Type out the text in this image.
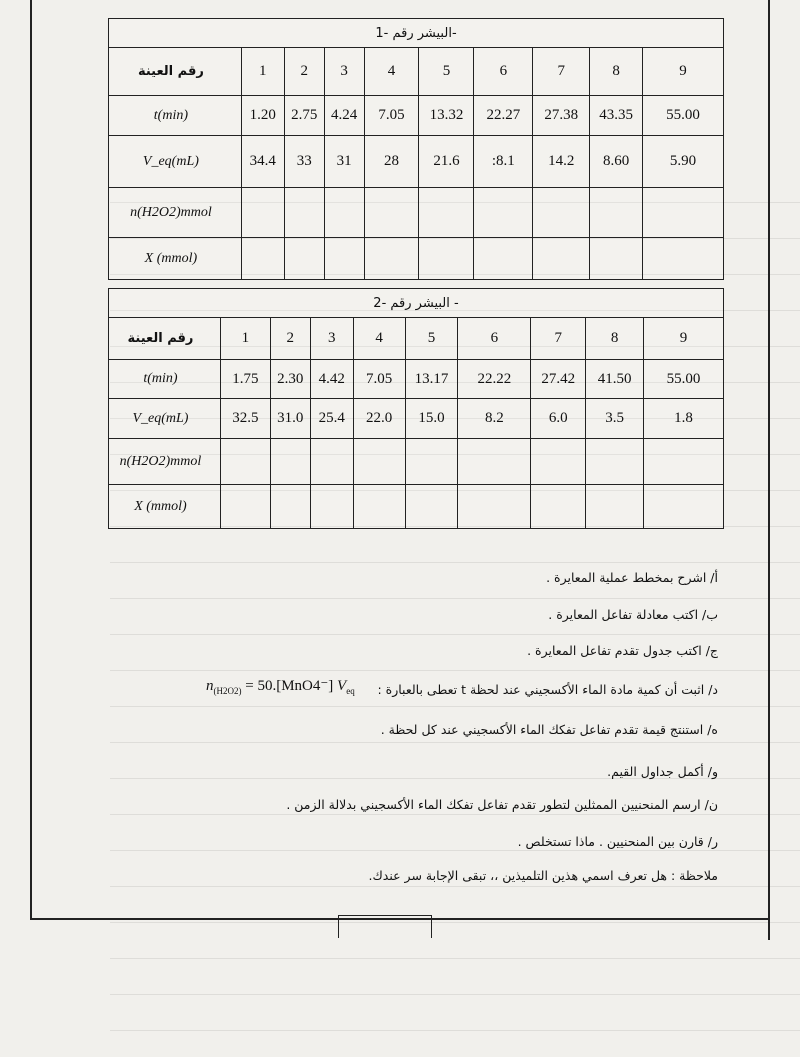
البيشر رقم -1-									
رقم العينة	1	2	3	4	5	6	7	8	9
t(min)	1.20	2.75	4.24	7.05	13.32	22.27	27.38	43.35	55.00
V_eq(mL)	34.4	33	31	28	21.6	:8.1	14.2	8.60	5.90
n(H2O2)mmol									
X (mmol)									
البيشر رقم -2 -									
رقم العينة	1	2	3	4	5	6	7	8	9
t(min)	1.75	2.30	4.42	7.05	13.17	22.22	27.42	41.50	55.00
V_eq(mL)	32.5	31.0	25.4	22.0	15.0	8.2	6.0	3.5	1.8
n(H2O2)mmol									
X (mmol)									
أ/ اشرح بمخطط عملية المعايرة .
ب/ اكتب معادلة تفاعل المعايرة .
ج/ اكتب جدول تقدم تفاعل المعايرة .
د/ اثبت أن كمية مادة الماء الأكسجيني عند لحظة t تعطى بالعبارة :
$n_{(H2O2)} = 50.[MnO4^-]$ $V_{eq}$
ه/ استنتج قيمة تقدم تفاعل تفكك الماء الأكسجيني عند كل لحظة .
و/ أكمل جداول القيم.
ن/ ارسم المنحنيين الممثلين لتطور تقدم تفاعل تفكك الماء الأكسجيني بدلالة الزمن .
ر/ قارن بين المنحنيين . ماذا تستخلص .
ملاحظة : هل تعرف اسمي هذين التلميذين ،، تبقى الإجابة سر عندك.
